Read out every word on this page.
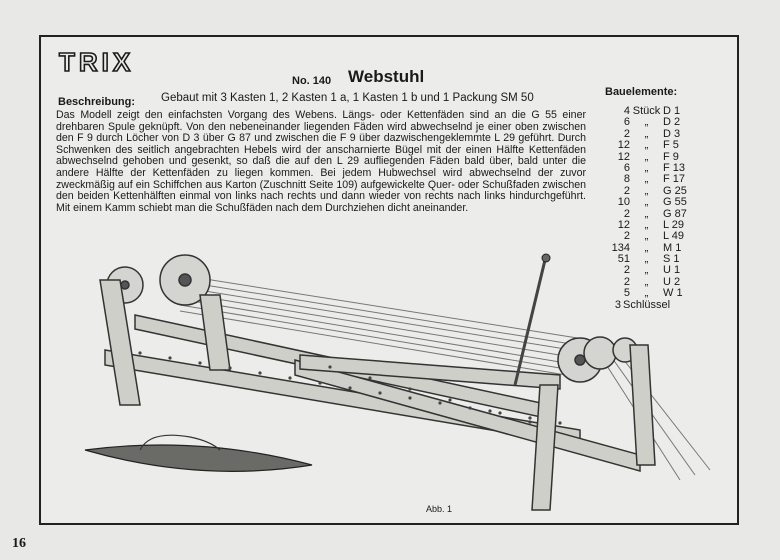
TRIX
No. 140 Webstuhl
Beschreibung: Gebaut mit 3 Kasten 1, 2 Kasten 1 a, 1 Kasten 1 b und 1 Packung SM 50

Das Modell zeigt den einfachsten Vorgang des Webens. Längs- oder Kettenfäden sind an die G 55 einer drehbaren Spule geknüpft. Von den nebeneinander liegenden Fäden wird abwechselnd je einer oben zwischen den F 9 durch Löcher von D 3 über G 87 und zwischen die F 9 über dazwischengeklemmte L 29 geführt. Durch Schwenken des seitlich angebrachten Hebels wird der anscharnierte Bügel mit der einen Hälfte Kettenfäden abwechselnd gehoben und gesenkt, so daß die auf den L 29 aufliegenden Fäden bald über, bald unter die andere Hälfte der Kettenfäden zu liegen kommen. Bei jedem Hubwechsel wird abwechselnd der zuvor zweckmäßig auf ein Schiffchen aus Karton (Zuschnitt Seite 109) aufgewickelte Quer- oder Schußfaden zwischen den beiden Kettenhälften einmal von links nach rechts und dann wieder von rechts nach links hindurchgeführt. Mit einem Kamm schiebt man die Schußfäden nach dem Durchziehen dicht aneinander.

Bauelemente:
4 Stück D 1
6	„	D 2
2	„	D 3
12	„	F 5
12	„	F 9
6	„	F 13
8	„	F 17
2	„	G 25
10	„	G 55
2	„	G 87
12	„	L 29
2	„	L 49
134	„	M 1
51	„	S 1
2	„	U 1
2	„	U 2
5	„	W 1
3 Schlüssel
Abb. 1
16
